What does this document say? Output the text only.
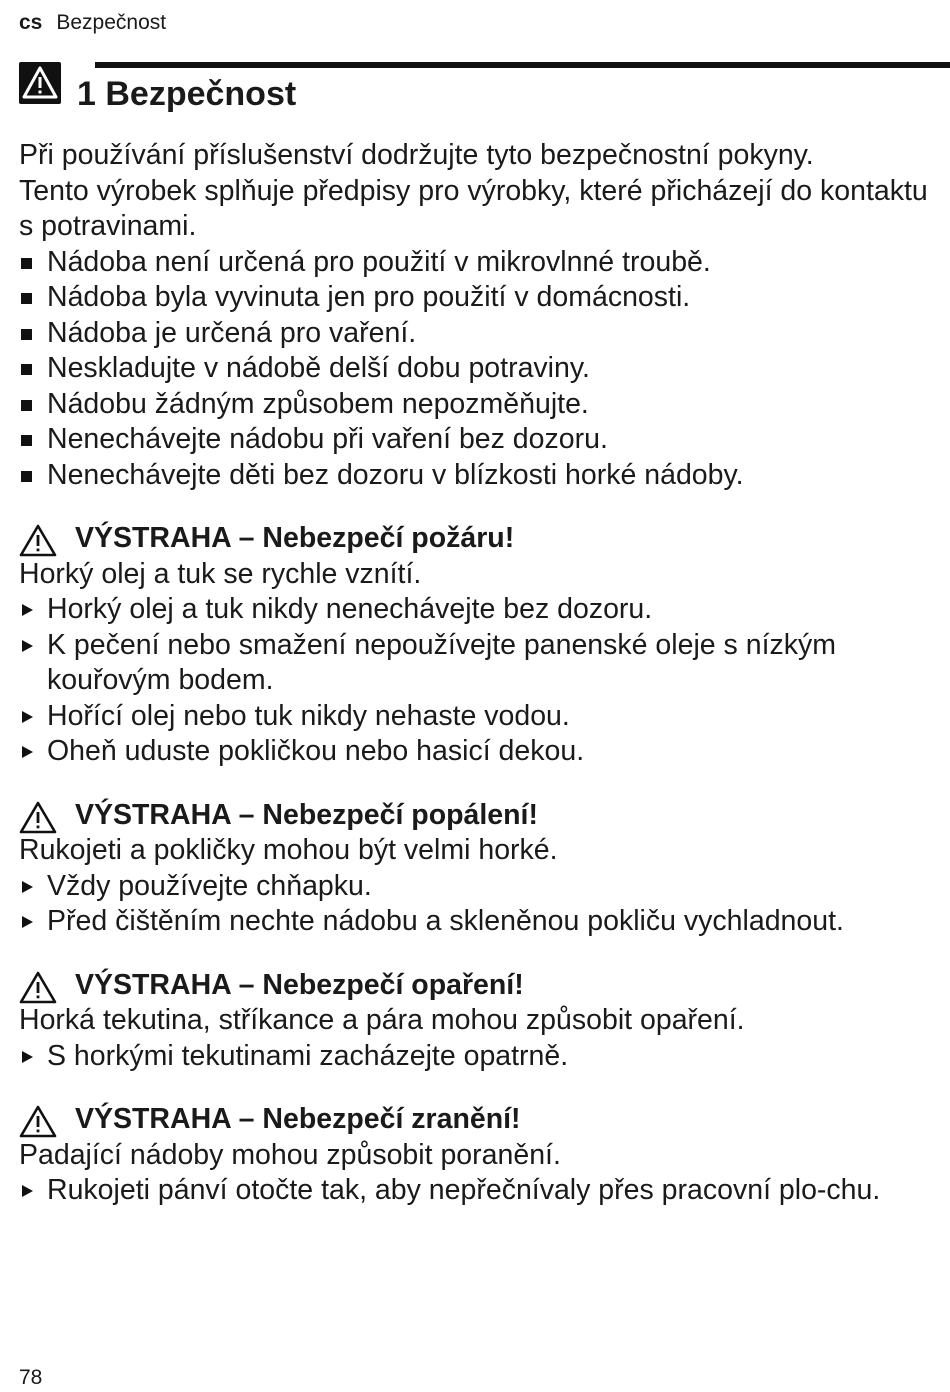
cs Bezpečnost
1 Bezpečnost

Při používání příslušenství dodržujte tyto bezpečnostní pokyny.

Tento výrobek splňuje předpisy pro výrobky, které přicházejí do kontaktu s potravinami.

Nádoba není určená pro použití v mikrovlnné troubě.
Nádoba byla vyvinuta jen pro použití v domácnosti.
Nádoba je určená pro vaření.
Neskladujte v nádobě delší dobu potraviny.
Nádobu žádným způsobem nepozměňujte.
Nenechávejte nádobu při vaření bez dozoru.
Nenechávejte děti bez dozoru v blízkosti horké nádoby.
VÝSTRAHA – Nebezpečí požáru!

Horký olej a tuk se rychle vznítí.

Horký olej a tuk nikdy nenechávejte bez dozoru.
K pečení nebo smažení nepoužívejte panenské oleje s nízkým kouřovým bodem.
Hořící olej nebo tuk nikdy nehaste vodou.
Oheň uduste pokličkou nebo hasicí dekou.
VÝSTRAHA – Nebezpečí popálení!

Rukojeti a pokličky mohou být velmi horké.

Vždy používejte chňapku.
Před čištěním nechte nádobu a skleněnou pokliču vychladnout.
VÝSTRAHA – Nebezpečí opaření!

Horká tekutina, stříkance a pára mohou způsobit opaření.

S horkými tekutinami zacházejte opatrně.
VÝSTRAHA – Nebezpečí zranění!

Padající nádoby mohou způsobit poranění.

Rukojeti pánví otočte tak, aby nepřečnívaly přes pracovní plo-chu.
78
